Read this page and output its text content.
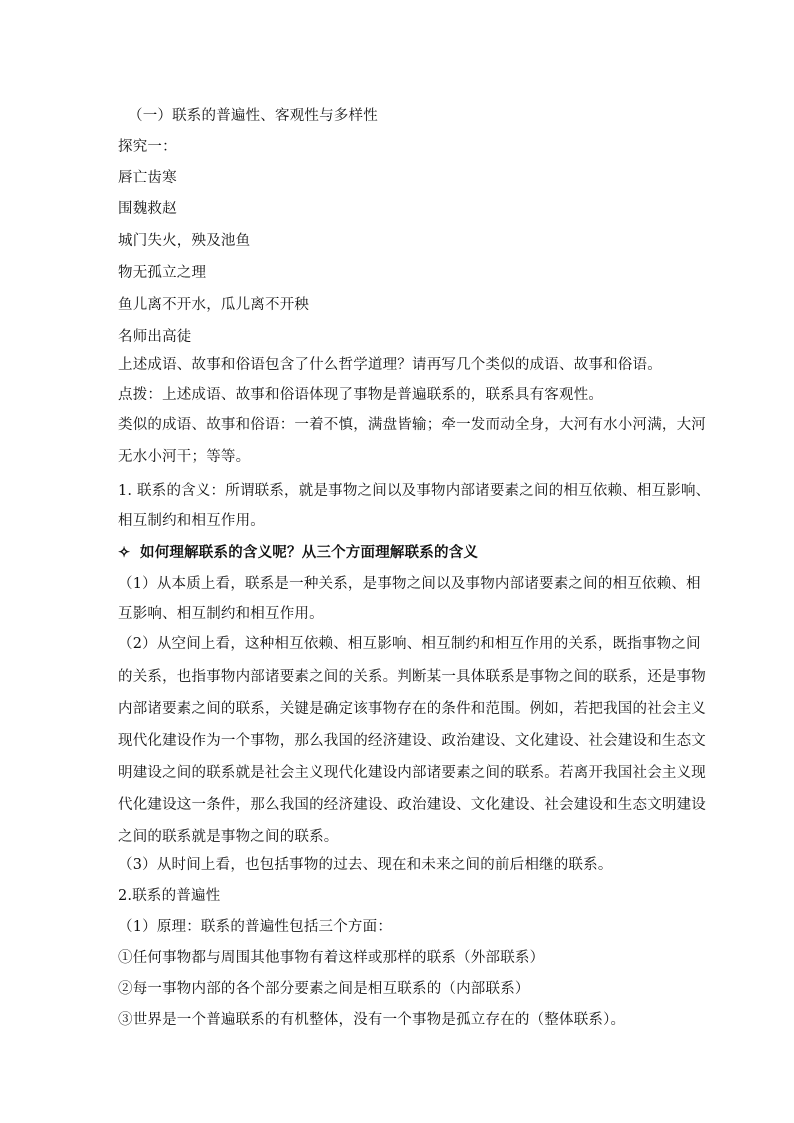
（一）联系的普遍性、客观性与多样性
探究一：
唇亡齿寒
围魏救赵
城门失火，殃及池鱼
物无孤立之理
鱼儿离不开水，瓜儿离不开秧
名师出高徒
上述成语、故事和俗语包含了什么哲学道理？请再写几个类似的成语、故事和俗语。
点拨：上述成语、故事和俗语体现了事物是普遍联系的，联系具有客观性。
类似的成语、故事和俗语：一着不慎，满盘皆输；牵一发而动全身，大河有水小河满，大河
无水小河干；等等。
1. 联系的含义：所谓联系，就是事物之间以及事物内部诸要素之间的相互依赖、相互影响、
相互制约和相互作用。
✧ 如何理解联系的含义呢？从三个方面理解联系的含义
（1）从本质上看，联系是一种关系，是事物之间以及事物内部诸要素之间的相互依赖、相
互影响、相互制约和相互作用。
（2）从空间上看，这种相互依赖、相互影响、相互制约和相互作用的关系，既指事物之间
的关系，也指事物内部诸要素之间的关系。判断某一具体联系是事物之间的联系，还是事物
内部诸要素之间的联系，关键是确定该事物存在的条件和范围。例如，若把我国的社会主义
现代化建设作为一个事物，那么我国的经济建设、政治建设、文化建设、社会建设和生态文
明建设之间的联系就是社会主义现代化建设内部诸要素之间的联系。若离开我国社会主义现
代化建设这一条件，那么我国的经济建设、政治建设、文化建设、社会建设和生态文明建设
之间的联系就是事物之间的联系。
（3）从时间上看，也包括事物的过去、现在和未来之间的前后相继的联系。
2.联系的普遍性
（1）原理：联系的普遍性包括三个方面：
①任何事物都与周围其他事物有着这样或那样的联系（外部联系）
②每一事物内部的各个部分要素之间是相互联系的（内部联系）
③世界是一个普遍联系的有机整体，没有一个事物是孤立存在的（整体联系）。
